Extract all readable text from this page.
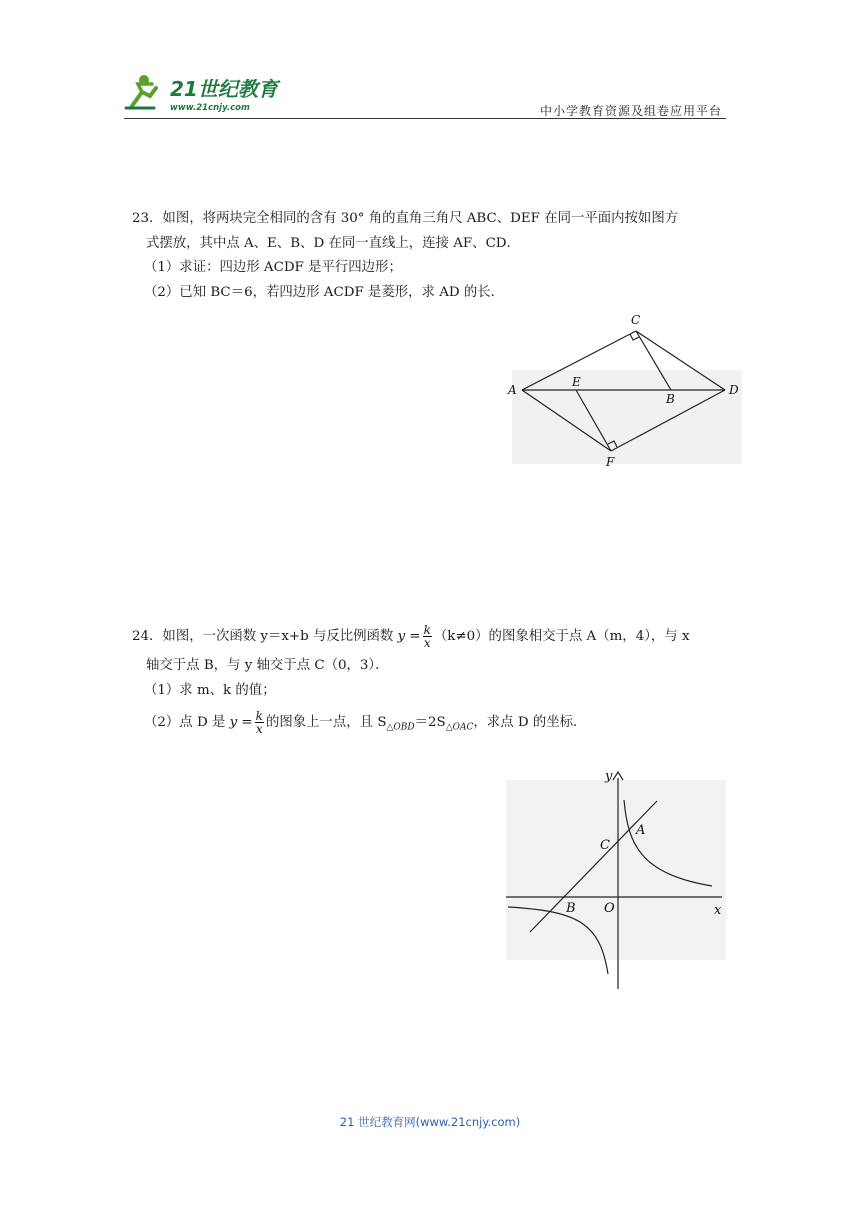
21世纪教育
www.21cnjy.com	中小学教育资源及组卷应用平台

23．如图，将两块完全相同的含有 30° 角的直角三角尺 ABC、DEF 在同一平面内按如图方

式摆放，其中点 A、E、B、D 在同一直线上，连接 AF、CD．

（1）求证：四边形 ACDF 是平行四边形；

（2）已知 BC＝6，若四边形 ACDF 是菱形，求 AD 的长．

A
C
D
E
B
F

24．如图，一次函数 y＝x+b 与反比例函数 $y = \frac{k}{x} (k\ne 0)$的图象相交于点 A（m，4），与 x

轴交于点 B，与 y 轴交于点 C（0，3）．

（1）求 m、k 的值；

（2）点 D 是 $y = \frac{k}{x}$ 的图象上一点，且 $S_{\triangle OBD}=2S_{\triangle OAC}$，求点 D 的坐标．

y
x
A
C
B O
21 世纪教育网(www.21cnjy.com)
